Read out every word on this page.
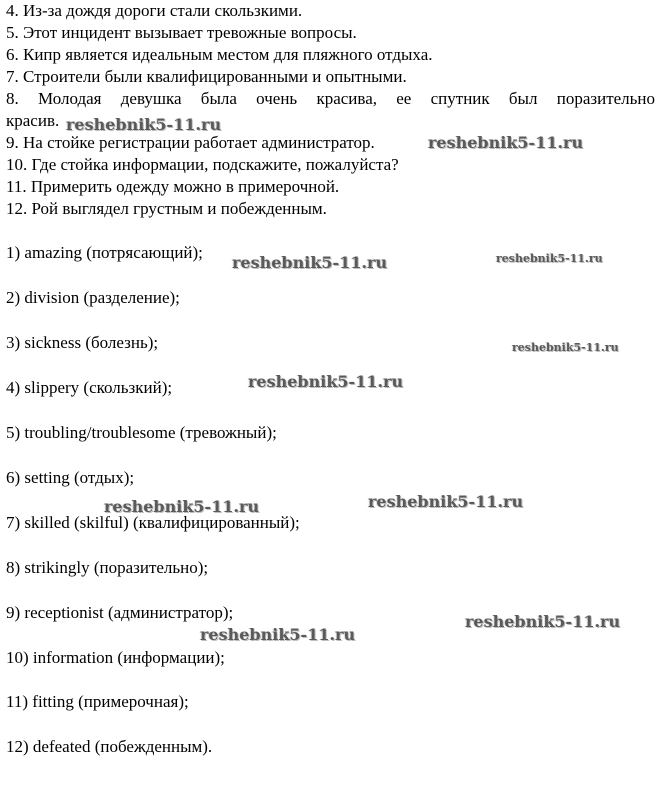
4. Из-за дождя дороги стали скользкими.
5. Этот инцидент вызывает тревожные вопросы.
6. Кипр является идеальным местом для пляжного отдыха.
7. Строители были квалифицированными и опытными.
8. Молодая девушка была очень красива, ее спутник был поразительно
красив.
9. На стойке регистрации работает администратор.
10. Где стойка информации, подскажите, пожалуйста?
11. Примерить одежду можно в примерочной.
12. Рой выглядел грустным и побежденным.
1) amazing (потрясающий);
2) division (разделение);
3) sickness (болезнь);
4) slippery (скользкий);
5) troubling/troublesome (тревожный);
6) setting (отдых);
7) skilled (skilful) (квалифицированный);
8) strikingly (поразительно);
9) receptionist (администратор);
10) information (информации);
11) fitting (примерочная);
12) defeated (побежденным).
reshebnik5-11.ru
reshebnik5-11.ru
reshebnik5-11.ru	reshebnik5-11.ru
reshebnik5-11.ru
reshebnik5-11.ru
reshebnik5-11.ru	reshebnik5-11.ru
reshebnik5-11.ru
reshebnik5-11.ru
